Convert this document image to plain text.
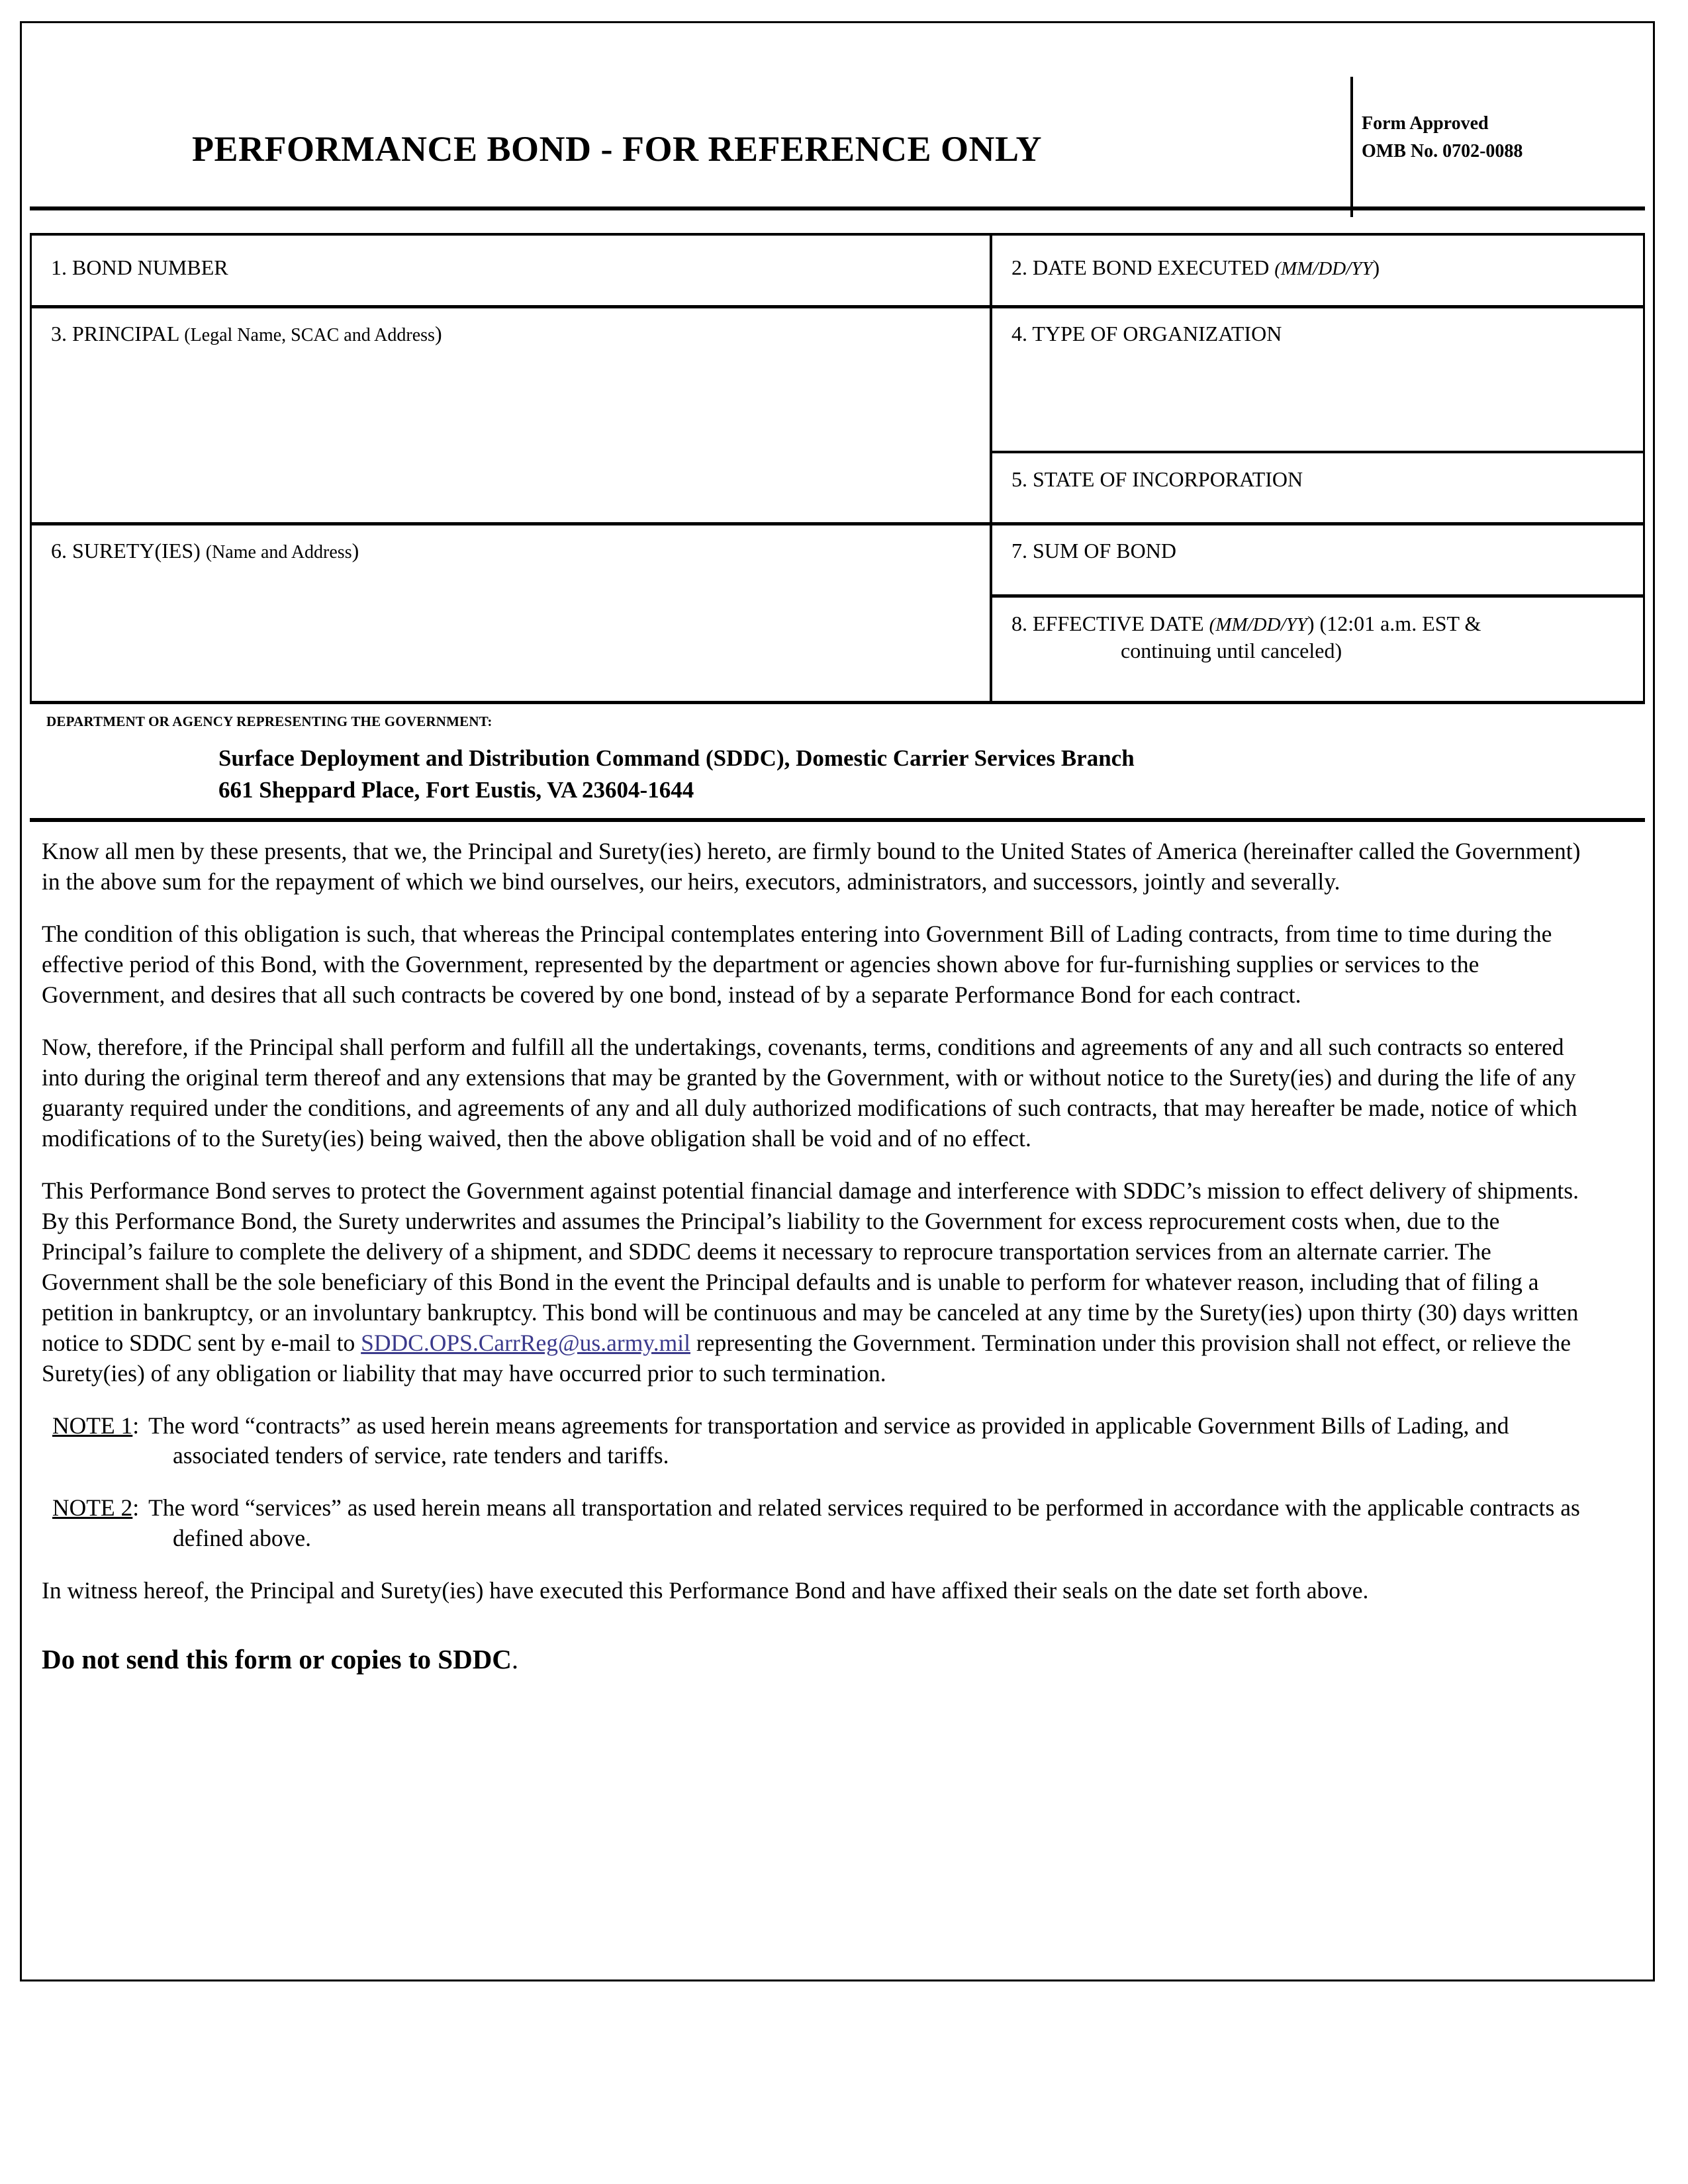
PERFORMANCE BOND - FOR REFERENCE ONLY
Form Approved
OMB No. 0702-0088
1. BOND NUMBER	2. DATE BOND EXECUTED (MM/DD/YY)
3. PRINCIPAL (Legal Name, SCAC and Address)	4. TYPE OF ORGANIZATION
5. STATE OF INCORPORATION
6. SURETY(IES) (Name and Address)	7. SUM OF BOND
8. EFFECTIVE DATE (MM/DD/YY) (12:01 a.m. EST &
continuing until canceled)
DEPARTMENT OR AGENCY REPRESENTING THE GOVERNMENT:
Surface Deployment and Distribution Command (SDDC), Domestic Carrier Services Branch
661 Sheppard Place, Fort Eustis, VA 23604-1644

Know all men by these presents, that we, the Principal and Surety(ies) hereto, are firmly bound to the United States of America (hereinafter called the Government) in the above sum for the repayment of which we bind ourselves, our heirs, executors, administrators, and successors, jointly and severally.

The condition of this obligation is such, that whereas the Principal contemplates entering into Government Bill of Lading contracts, from time to time during the effective period of this Bond, with the Government, represented by the department or agencies shown above for fur-furnishing supplies or services to the Government, and desires that all such contracts be covered by one bond, instead of by a separate Performance Bond for each contract.

Now, therefore, if the Principal shall perform and fulfill all the undertakings, covenants, terms, conditions and agreements of any and all such contracts so entered into during the original term thereof and any extensions that may be granted by the Government, with or without notice to the Surety(ies) and during the life of any guaranty required under the conditions, and agreements of any and all duly authorized modifications of such contracts, that may hereafter be made, notice of which modifications of to the Surety(ies) being waived, then the above obligation shall be void and of no effect.

This Performance Bond serves to protect the Government against potential financial damage and interference with SDDC’s mission to effect delivery of shipments. By this Performance Bond, the Surety underwrites and assumes the Principal’s liability to the Government for excess reprocurement costs when, due to the Principal’s failure to complete the delivery of a shipment, and SDDC deems it necessary to reprocure transportation services from an alternate carrier. The Government shall be the sole beneficiary of this Bond in the event the Principal defaults and is unable to perform for whatever reason, including that of filing a petition in bankruptcy, or an involuntary bankruptcy. This bond will be continuous and may be canceled at any time by the Surety(ies) upon thirty (30) days written notice to SDDC sent by e-mail to SDDC.OPS.CarrReg@us.army.mil representing the Government. Termination under this provision shall not effect, or relieve the Surety(ies) of any obligation or liability that may have occurred prior to such termination.

NOTE 1: The word “contracts” as used herein means agreements for transportation and service as provided in applicable Government Bills of Lading, and associated tenders of service, rate tenders and tariffs.

NOTE 2: The word “services” as used herein means all transportation and related services required to be performed in accordance with the applicable contracts as defined above.

In witness hereof, the Principal and Surety(ies) have executed this Performance Bond and have affixed their seals on the date set forth above.

Do not send this form or copies to SDDC.
